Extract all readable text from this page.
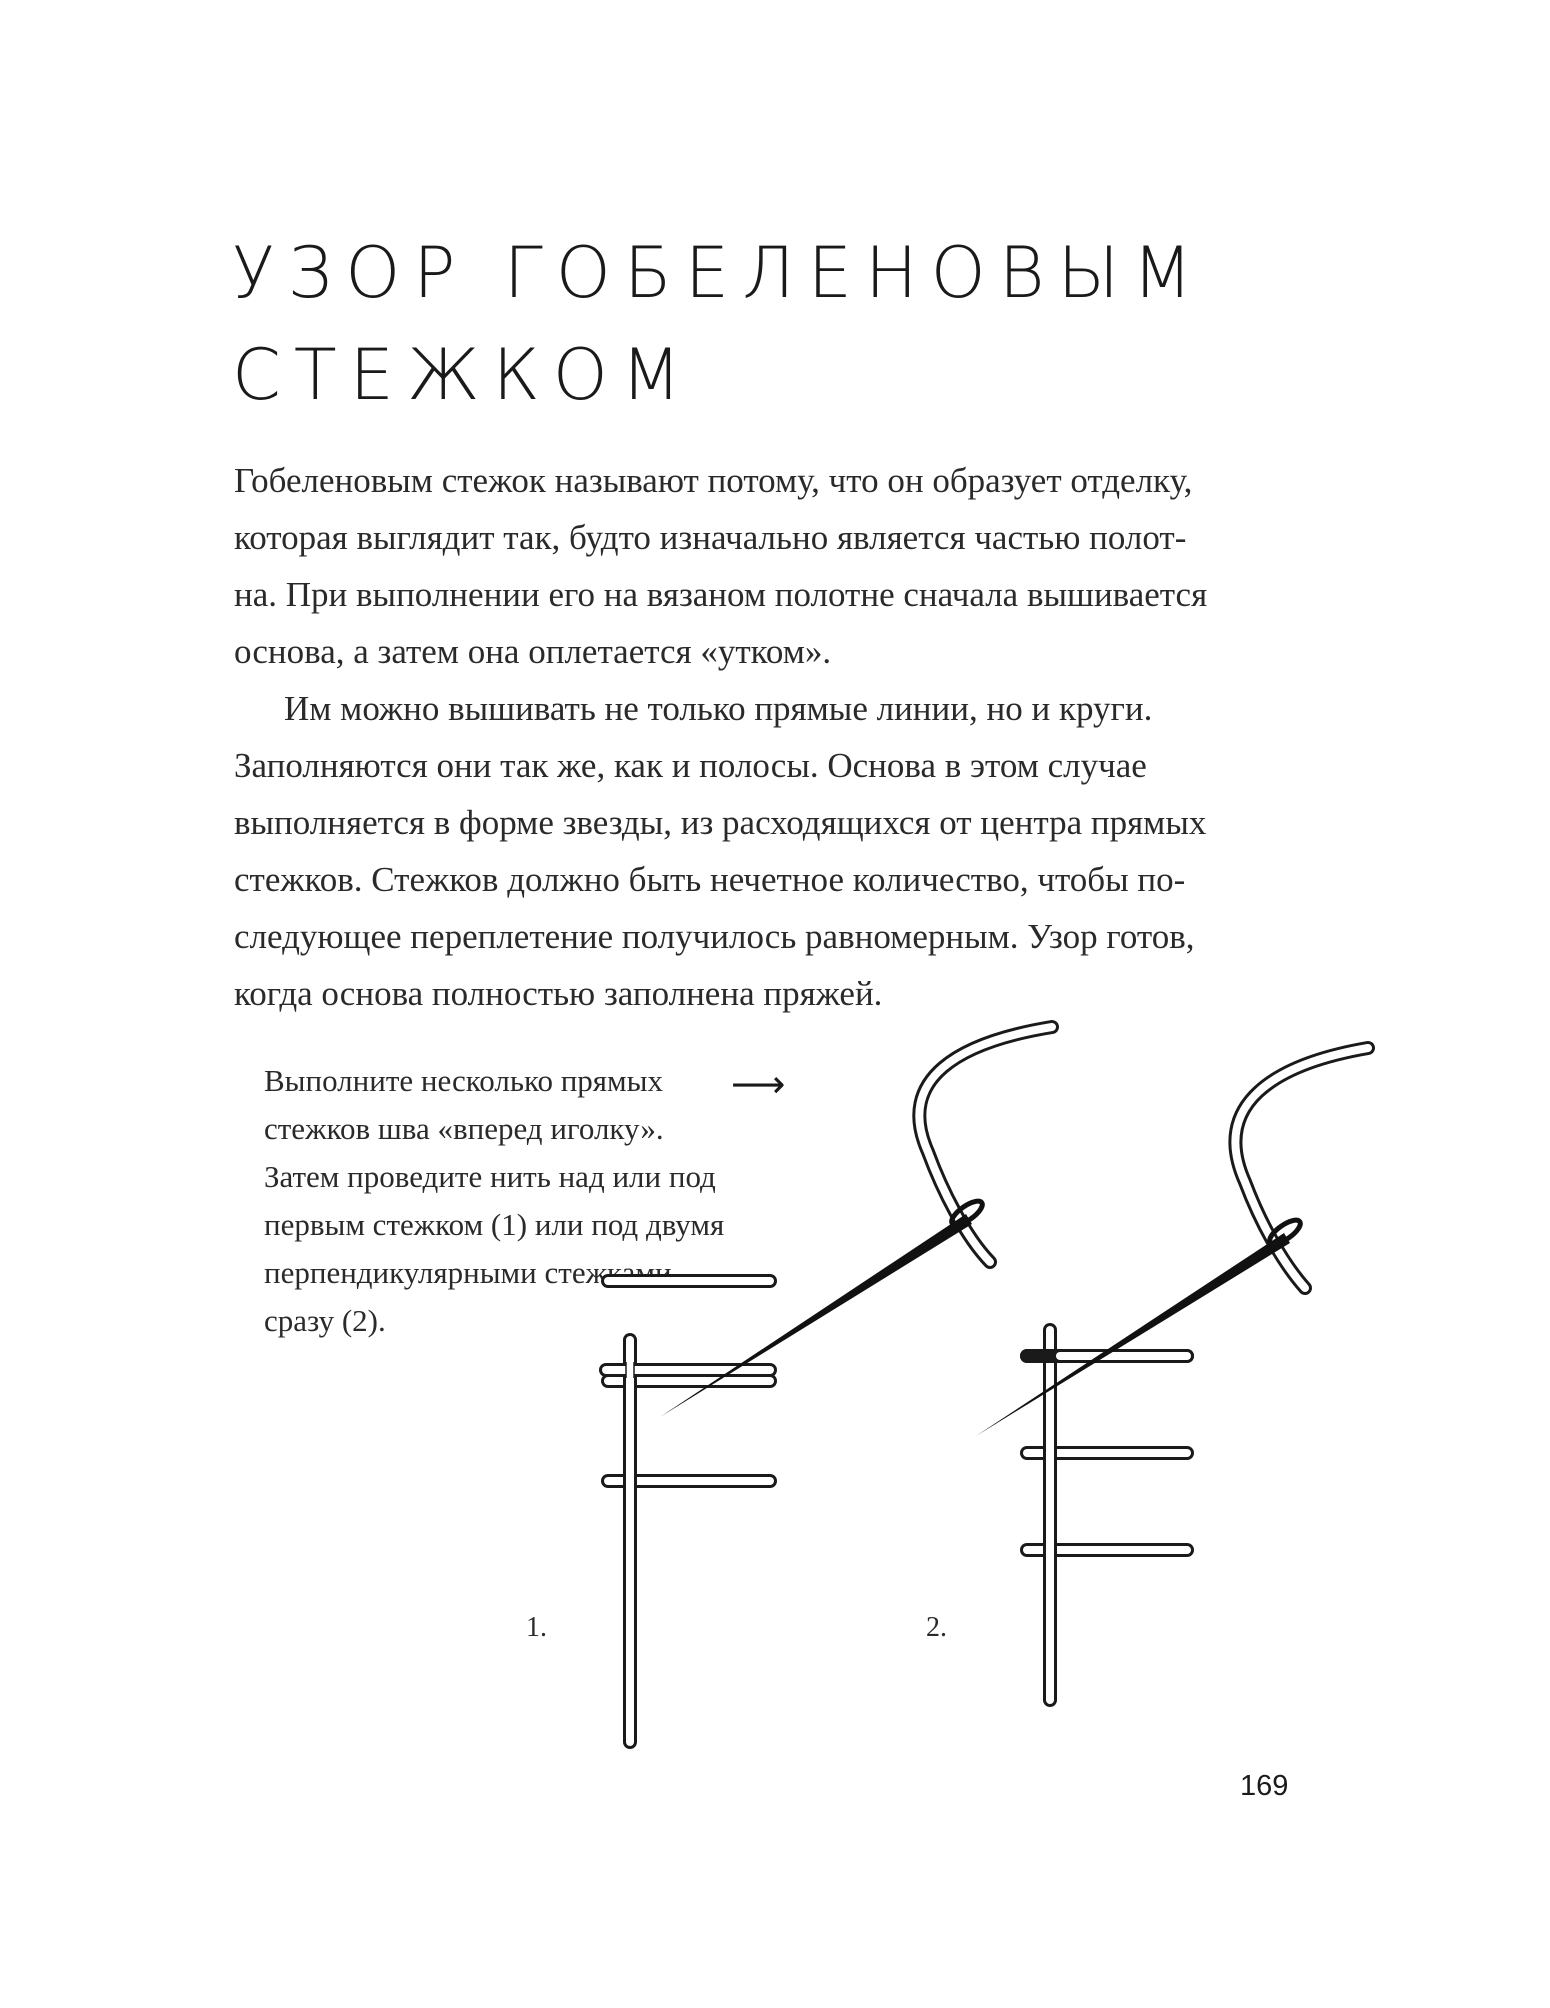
УЗОР ГОБЕЛЕНОВЫМ
СТЕЖКОМ
Гобеленовым стежок называют потому, что он образует отделку,
которая выглядит так, будто изначально является частью полот-
на. При выполнении его на вязаном полотне сначала вышивается
основа, а затем она оплетается «утком».
Им можно вышивать не только прямые линии, но и круги.
Заполняются они так же, как и полосы. Основа в этом случае
выполняется в форме звезды, из расходящихся от центра прямых
стежков. Стежков должно быть нечетное количество, чтобы по-
следующее переплетение получилось равномерным. Узор готов,
когда основа полностью заполнена пряжей.
Выполните несколько прямых
стежков шва «вперед иголку».
Затем проведите нить над или под
первым стежком (1) или под двумя
перпендикулярными стежками
сразу (2).
⟶
1.	2.
169
